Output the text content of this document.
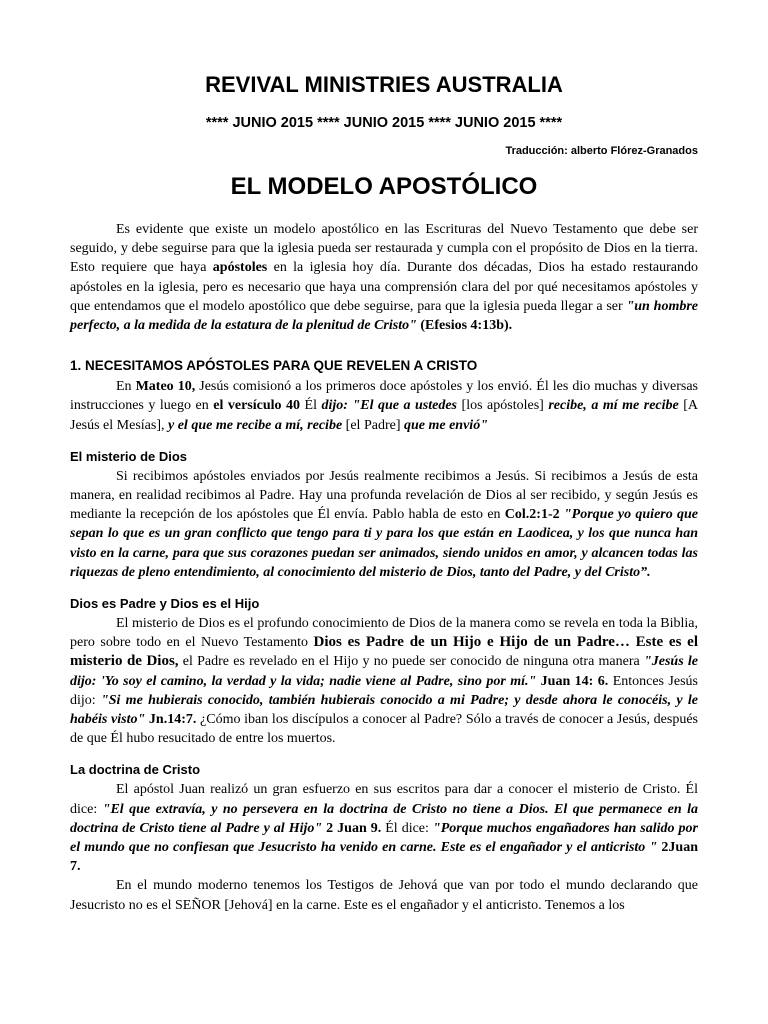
REVIVAL MINISTRIES AUSTRALIA

**** JUNIO 2015 **** JUNIO 2015 **** JUNIO 2015 ****

Traducción: alberto Flórez-Granados

EL MODELO APOSTÓLICO

Es evidente que existe un modelo apostólico en las Escrituras del Nuevo Testamento que debe ser seguido, y debe seguirse para que la iglesia pueda ser restaurada y cumpla con el propósito de Dios en la tierra. Esto requiere que haya apóstoles en la iglesia hoy día. Durante dos décadas, Dios ha estado restaurando apóstoles en la iglesia, pero es necesario que haya una comprensión clara del por qué necesitamos apóstoles y que entendamos que el modelo apostólico que debe seguirse, para que la iglesia pueda llegar a ser "un hombre perfecto, a la medida de la estatura de la plenitud de Cristo" (Efesios 4:13b).

1. NECESITAMOS APÓSTOLES PARA QUE REVELEN A CRISTO

En Mateo 10, Jesús comisionó a los primeros doce apóstoles y los envió. Él les dio muchas y diversas instrucciones y luego en el versículo 40 Él dijo: "El que a ustedes [los apóstoles] recibe, a mí me recibe [A Jesús el Mesías], y el que me recibe a mí, recibe [el Padre] que me envió"

El misterio de Dios

Si recibimos apóstoles enviados por Jesús realmente recibimos a Jesús. Si recibimos a Jesús de esta manera, en realidad recibimos al Padre. Hay una profunda revelación de Dios al ser recibido, y según Jesús es mediante la recepción de los apóstoles que Él envía. Pablo habla de esto en Col.2:1-2 "Porque yo quiero que sepan lo que es un gran conflicto que tengo para ti y para los que están en Laodicea, y los que nunca han visto en la carne, para que sus corazones puedan ser animados, siendo unidos en amor, y alcancen todas las riquezas de pleno entendimiento, al conocimiento del misterio de Dios, tanto del Padre, y del Cristo”.

Dios es Padre y Dios es el Hijo

El misterio de Dios es el profundo conocimiento de Dios de la manera como se revela en toda la Biblia, pero sobre todo en el Nuevo Testamento Dios es Padre de un Hijo e Hijo de un Padre… Este es el misterio de Dios, el Padre es revelado en el Hijo y no puede ser conocido de ninguna otra manera "Jesús le dijo: 'Yo soy el camino, la verdad y la vida; nadie viene al Padre, sino por mí." Juan 14: 6. Entonces Jesús dijo: "Si me hubierais conocido, también hubierais conocido a mi Padre; y desde ahora le conocéis, y le habéis visto" Jn.14:7. ¿Cómo iban los discípulos a conocer al Padre? Sólo a través de conocer a Jesús, después de que Él hubo resucitado de entre los muertos.

La doctrina de Cristo

El apóstol Juan realizó un gran esfuerzo en sus escritos para dar a conocer el misterio de Cristo. Él dice: "El que extravía, y no persevera en la doctrina de Cristo no tiene a Dios. El que permanece en la doctrina de Cristo tiene al Padre y al Hijo" 2 Juan 9. Él dice: "Porque muchos engañadores han salido por el mundo que no confiesan que Jesucristo ha venido en carne. Este es el engañador y el anticristo " 2Juan 7.

En el mundo moderno tenemos los Testigos de Jehová que van por todo el mundo declarando que Jesucristo no es el SEÑOR [Jehová] en la carne. Este es el engañador y el anticristo. Tenemos a los
